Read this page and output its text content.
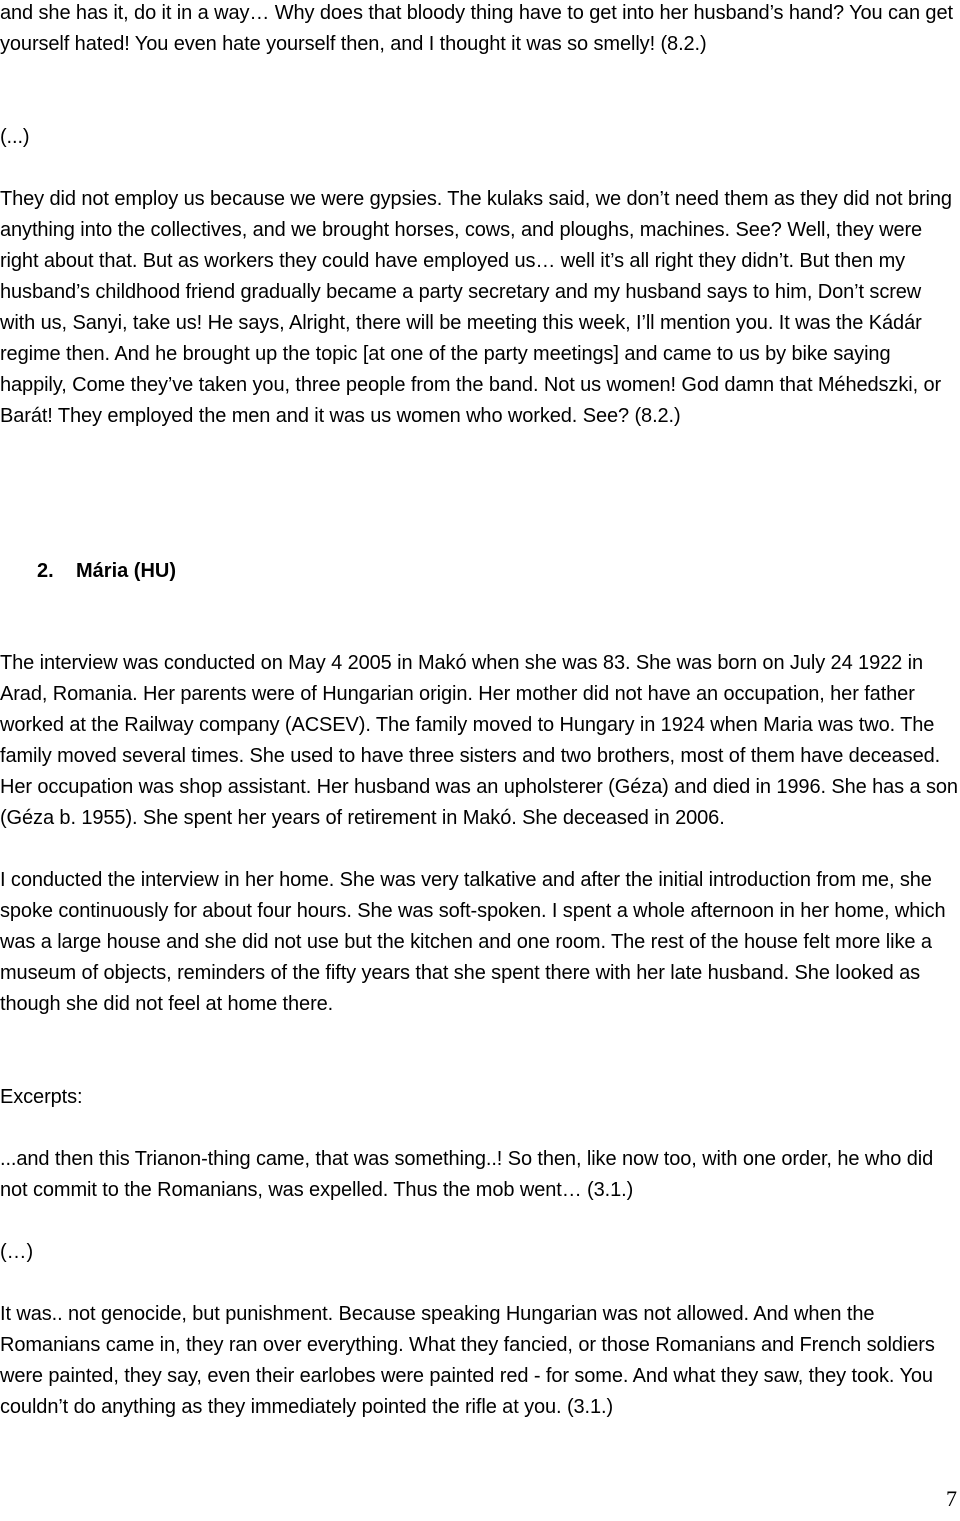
and she has it, do it in a way… Why does that bloody thing have to get into her husband’s hand? You can get yourself hated! You even hate yourself then, and I thought it was so smelly! (8.2.)

(...)

They did not employ us because we were gypsies. The kulaks said, we don’t need them as they did not bring anything into the collectives, and we brought horses, cows, and ploughs, machines. See? Well, they were right about that. But as workers they could have employed us… well it’s all right they didn’t. But then my husband’s childhood friend gradually became a party secretary and my husband says to him, Don’t screw with us, Sanyi, take us! He says, Alright, there will be meeting this week, I’ll mention you. It was the Kádár regime then. And he brought up the topic [at one of the party meetings] and came to us by bike saying happily, Come they’ve taken you, three people from the band. Not us women! God damn that Méhedszki, or Barát! They employed the men and it was us women who worked. See? (8.2.)

2. Mária (HU)

The interview was conducted on May 4 2005 in Makó when she was 83. She was born on July 24 1922 in Arad, Romania. Her parents were of Hungarian origin. Her mother did not have an occupation, her father worked at the Railway company (ACSEV). The family moved to Hungary in 1924 when Maria was two. The family moved several times. She used to have three sisters and two brothers, most of them have deceased. Her occupation was shop assistant. Her husband was an upholsterer (Géza) and died in 1996. She has a son (Géza b. 1955). She spent her years of retirement in Makó. She deceased in 2006.

I conducted the interview in her home. She was very talkative and after the initial introduction from me, she spoke continuously for about four hours. She was soft-spoken. I spent a whole afternoon in her home, which was a large house and she did not use but the kitchen and one room. The rest of the house felt more like a museum of objects, reminders of the fifty years that she spent there with her late husband. She looked as though she did not feel at home there.

Excerpts:

...and then this Trianon-thing came, that was something..! So then, like now too, with one order, he who did not commit to the Romanians, was expelled. Thus the mob went… (3.1.)

(…)

It was.. not genocide, but punishment. Because speaking Hungarian was not allowed. And when the Romanians came in, they ran over everything. What they fancied, or those Romanians and French soldiers were painted, they say, even their earlobes were painted red - for some. And what they saw, they took. You couldn’t do anything as they immediately pointed the rifle at you. (3.1.)

7
